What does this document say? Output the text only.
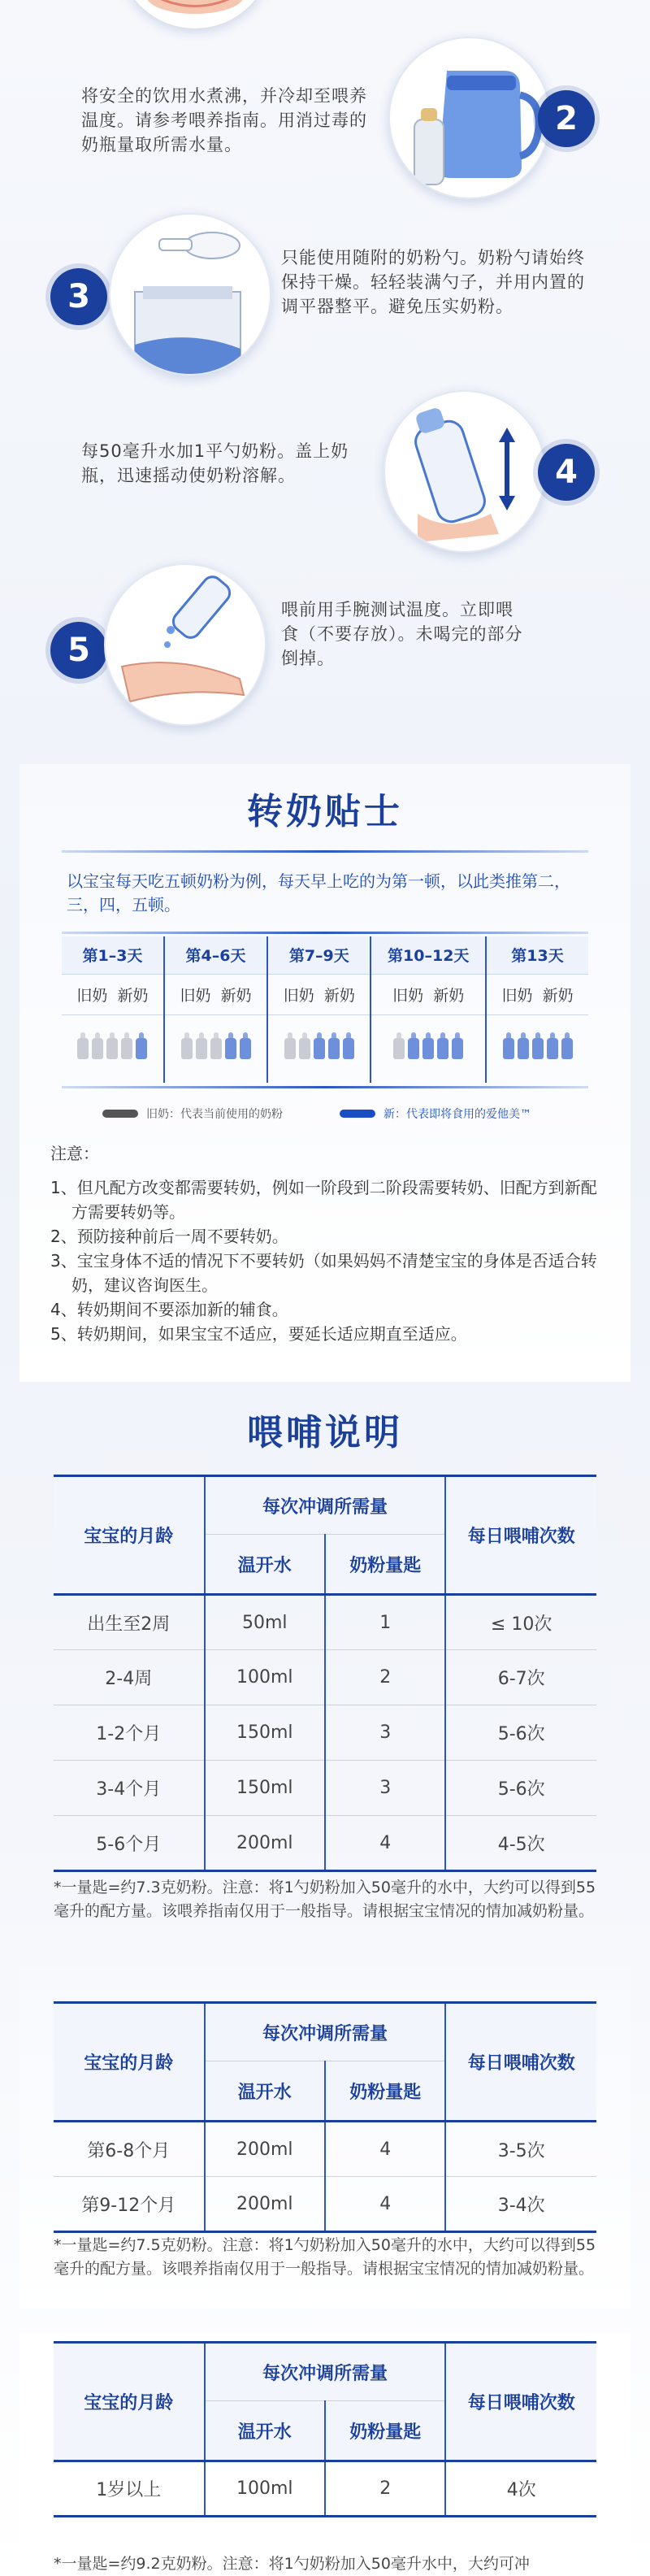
将安全的饮用水煮沸，并冷却至喂养温度。请参考喂养指南。用消过毒的奶瓶量取所需水量。
2
3
只能使用随附的奶粉勺。奶粉勺请始终保持干燥。轻轻装满勺子，并用内置的调平器整平。避免压实奶粉。
每50毫升水加1平勺奶粉。盖上奶瓶，迅速摇动使奶粉溶解。	4
5
喂前用手腕测试温度。立即喂食（不要存放）。未喝完的部分倒掉。
转奶贴士
以宝宝每天吃五顿奶粉为例，每天早上吃的为第一顿，以此类推第二，三，四，五顿。
第1–3天	第4–6天	第7–9天	第10–12天	第13天
旧奶 新奶	旧奶 新奶	旧奶 新奶	旧奶 新奶	旧奶 新奶

旧奶：代表当前使用的奶粉	新：代表即将食用的爱他美™
注意：
1、但凡配方改变都需要转奶，例如一阶段到二阶段需要转奶、旧配方到新配方需要转奶等。
2、预防接种前后一周不要转奶。
3、宝宝身体不适的情况下不要转奶（如果妈妈不清楚宝宝的身体是否适合转奶，建议咨询医生。
4、转奶期间不要添加新的辅食。
5、转奶期间，如果宝宝不适应，要延长适应期直至适应。
喂哺说明
宝宝的月龄	每次冲调所需量		每日喂哺次数
	温开水	奶粉量匙	
出生至2周	50ml	1	≤ 10次
2-4周	100ml	2	6-7次
1-2个月	150ml	3	5-6次
3-4个月	150ml	3	5-6次
5-6个月	200ml	4	4-5次
*一量匙=约7.3克奶粉。注意：将1勺奶粉加入50毫升的水中，大约可以得到55毫升的配方量。该喂养指南仅用于一般指导。请根据宝宝情况的情加减奶粉量。
宝宝的月龄	每次冲调所需量		每日喂哺次数
	温开水	奶粉量匙	
第6-8个月	200ml	4	3-5次
第9-12个月	200ml	4	3-4次
*一量匙=约7.5克奶粉。注意：将1勺奶粉加入50毫升的水中，大约可以得到55毫升的配方量。该喂养指南仅用于一般指导。请根据宝宝情况的情加减奶粉量。
宝宝的月龄	每次冲调所需量		每日喂哺次数
	温开水	奶粉量匙	
1岁以上	100ml	2	4次
*一量匙=约9.2克奶粉。注意：将1勺奶粉加入50毫升水中，大约可冲
